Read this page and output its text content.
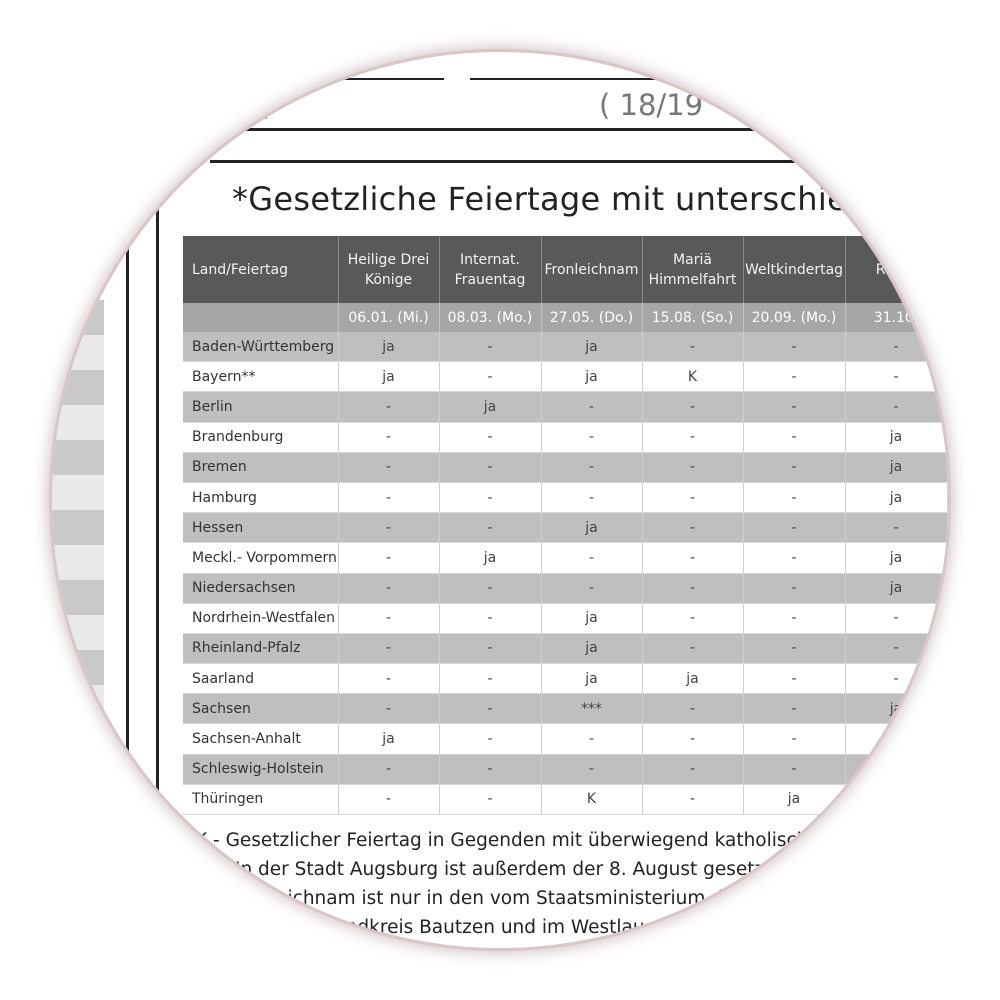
)	( 18/19
*Gesetzliche Feiertage mit unterschiedl
Land/Feiertag	Heilige Drei Könige	Internat. Frauentag	Fronleichnam	Mariä Himmelfahrt	Weltkindertag	R... ...
	06.01. (Mi.)	08.03. (Mo.)	27.05. (Do.)	15.08. (So.)	20.09. (Mo.)	31.10.
Baden-Württemberg	ja	-	ja	-	-	-
Bayern**	ja	-	ja	K	-	-
Berlin	-	ja	-	-	-	-
Brandenburg	-	-	-	-	-	ja
Bremen	-	-	-	-	-	ja
Hamburg	-	-	-	-	-	ja
Hessen	-	-	ja	-	-	-
Meckl.- Vorpommern	-	ja	-	-	-	ja
Niedersachsen	-	-	-	-	-	ja
Nordrhein-Westfalen	-	-	ja	-	-	-
Rheinland-Pfalz	-	-	ja	-	-	-
Saarland	-	-	ja	ja	-	-
Sachsen	-	-	***	-	-	ja
Sachsen-Anhalt	ja	-	-	-	-	
Schleswig-Holstein	-	-	-	-	-	
Thüringen	-	-	K	-	ja	
K - Gesetzlicher Feiertag in Gegenden mit überwiegend katholischer
In der Stadt Augsburg ist außerdem der 8. August gesetzliche
leichnam ist nur in den vom Staatsministerium des I
im Landkreis Bautzen und im Westlau
